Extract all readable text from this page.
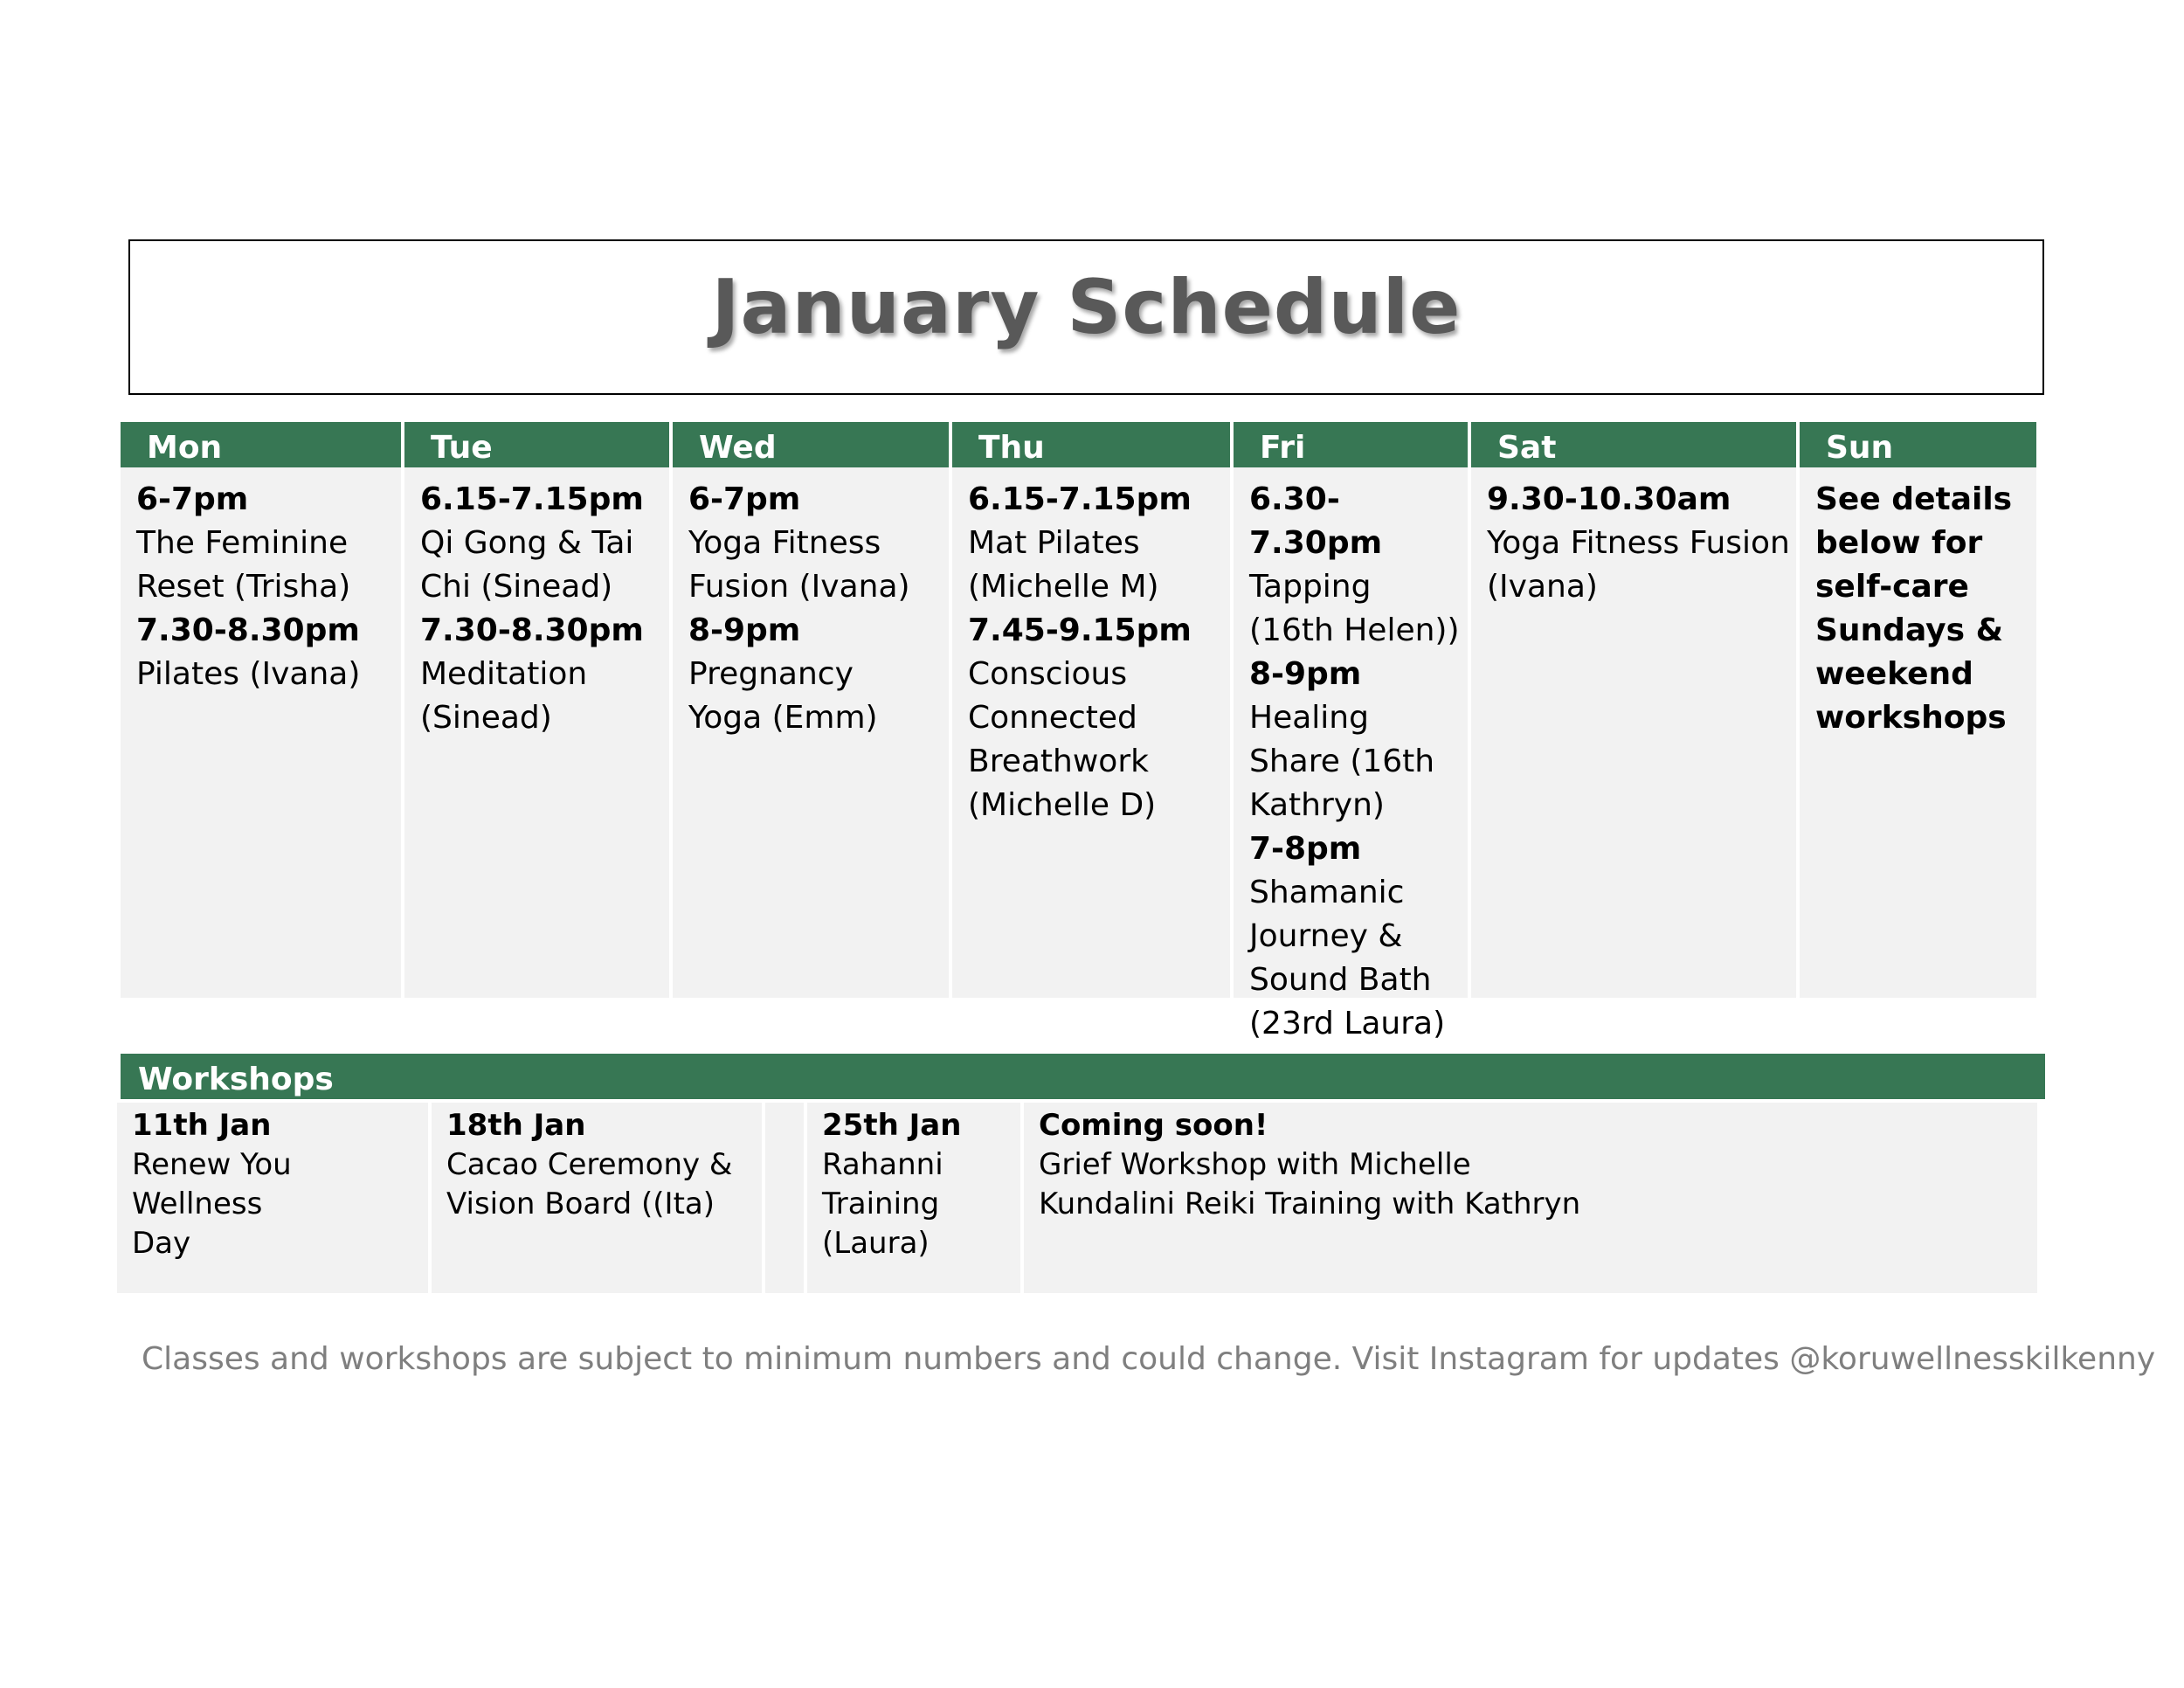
January Schedule
Mon
6-7pm
The Feminine
Reset (Trisha)
7.30-8.30pm
Pilates (Ivana)
Tue
6.15-7.15pm
Qi Gong & Tai
Chi (Sinead)
7.30-8.30pm
Meditation
(Sinead)
Wed
6-7pm
Yoga Fitness
Fusion (Ivana)
8-9pm
Pregnancy
Yoga (Emm)
Thu
6.15-7.15pm
Mat Pilates
(Michelle M)
7.45-9.15pm
Conscious
Connected
Breathwork
(Michelle D)
Fri
6.30-7.30pm
Tapping
(16th Helen))
8-9pm
Healing
Share (16th
Kathryn)
7-8pm
Shamanic
Journey &
Sound Bath
(23rd Laura)
Sat
9.30-10.30am
Yoga Fitness Fusion
(Ivana)
Sun
See details
below for
self-care
Sundays &
weekend
workshops
Workshops
11th Jan
Renew You Wellness
Day
18th Jan
Cacao Ceremony &
Vision Board ((Ita)
25th Jan
Rahanni
Training
(Laura)
Coming soon!
Grief Workshop with Michelle
Kundalini Reiki Training with Kathryn
Classes and workshops are subject to minimum numbers and could change. Visit Instagram for updates @koruwellnesskilkenny
